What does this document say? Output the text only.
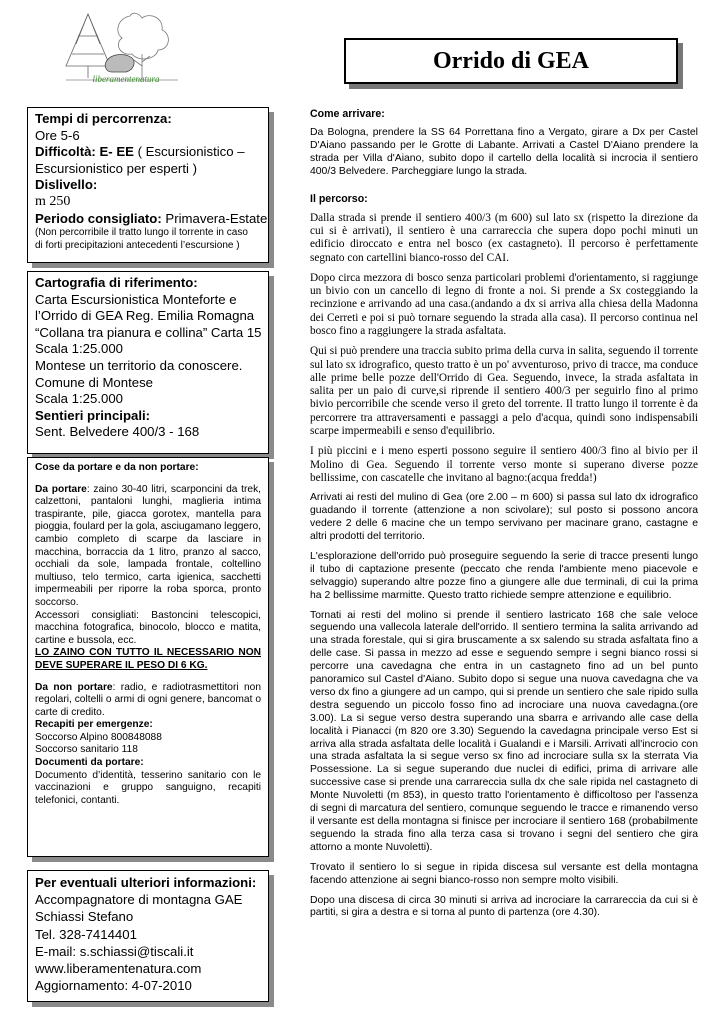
liberamentenatura
Orrido di GEA
Tempi di percorrenza:
Ore 5-6
Difficoltà: E- EE ( Escursionistico –
Escursionistico per esperti )
Dislivello:
m 250
Periodo consigliato: Primavera-Estate
(Non percorribile il tratto lungo il torrente in caso
di forti precipitazioni antecedenti l’escursione )
Cartografia di riferimento:
Carta Escursionistica Monteforte e
l’Orrido di GEA Reg. Emilia Romagna
“Collana tra pianura e collina” Carta 15
Scala 1:25.000
Montese un territorio da conoscere.
Comune di Montese
Scala 1:25.000
Sentieri principali:
Sent. Belvedere 400/3 - 168

Cose da portare e da non portare:

Da portare: zaino 30-40 litri, scarponcini da trek, calzettoni, pantaloni lunghi, maglieria intima traspirante, pile, giacca gorotex, mantella para pioggia, foulard per la gola, asciugamano leggero, cambio completo di scarpe da lasciare in macchina, borraccia da 1 litro, pranzo al sacco, occhiali da sole, lampada frontale, coltellino multiuso, telo termico, carta igienica, sacchetti impermeabili per riporre la roba sporca, pronto soccorso.

Accessori consigliati: Bastoncini telescopici, macchina fotografica, binocolo, blocco e matita, cartine e bussola, ecc.

LO ZAINO CON TUTTO IL NECESSARIO NON DEVE SUPERARE IL PESO DI 6 KG.

Da non portare: radio, e radiotrasmettitori non regolari, coltelli o armi di ogni genere, bancomat o carte di credito.

Recapiti per emergenze:

Soccorso Alpino 800848088

Soccorso sanitario 118

Documenti da portare:

Documento d’identità, tesserino sanitario con le vaccinazioni e gruppo sanguigno, recapiti telefonici, contanti.

Per eventuali ulteriori informazioni:
Accompagnatore di montagna GAE
Schiassi Stefano
Tel. 328-7414401
E-mail: s.schiassi@tiscali.it
www.liberamentenatura.com
Aggiornamento: 4-07-2010
Come arrivare:

Da Bologna, prendere la SS 64 Porrettana fino a Vergato, girare a Dx per Castel D'Aiano passando per le Grotte di Labante. Arrivati a Castel D'Aiano prendere la strada per Villa d'Aiano, subito dopo il cartello della località si incrocia il sentiero 400/3 Belvedere. Parcheggiare lungo la strada.

Il percorso:

Dalla strada si prende il sentiero 400/3 (m 600) sul lato sx (rispetto la direzione da cui si è arrivati), il sentiero è una carrareccia che supera dopo pochi minuti un edificio diroccato e entra nel bosco (ex castagneto). Il percorso è perfettamente segnato con cartellini bianco-rosso del CAI.

Dopo circa mezzora di bosco senza particolari problemi d'orientamento, si raggiunge un bivio con un cancello di legno di fronte a noi. Si prende a Sx costeggiando la recinzione e arrivando ad una casa.(andando a dx si arriva alla chiesa della Madonna dei Cerreti e poi si può tornare seguendo la strada alla casa). Il percorso continua nel bosco fino a raggiungere la strada asfaltata.

Qui si può prendere una traccia subito prima della curva in salita, seguendo il torrente sul lato sx idrografico, questo tratto è un po' avventuroso, privo di tracce, ma conduce alle prime belle pozze dell'Orrido di Gea. Seguendo, invece, la strada asfaltata in salita per un paio di curve,si riprende il sentiero 400/3 per seguirlo fino al primo bivio percorribile che scende verso il greto del torrente. Il tratto lungo il torrente è da percorrere tra attraversamenti e passaggi a pelo d'acqua, quindi sono indispensabili scarpe impermeabili e senso d'equilibrio.

I più piccini e i meno esperti possono seguire il sentiero 400/3 fino al bivio per il Molino di Gea. Seguendo il torrente verso monte si superano diverse pozze bellissime, con cascatelle che invitano al bagno:(acqua fredda!)

Arrivati ai resti del mulino di Gea (ore 2.00 – m 600) si passa sul lato dx idrografico guadando il torrente (attenzione a non scivolare); sul posto si possono ancora vedere 2 delle 6 macine che un tempo servivano per macinare grano, castagne e altri prodotti del territorio.

L'esplorazione dell'orrido può proseguire seguendo la serie di tracce presenti lungo il tubo di captazione presente (peccato che renda l'ambiente meno piacevole e selvaggio) superando altre pozze fino a giungere alle due terminali, di cui la prima ha 2 bellissime marmitte. Questo tratto richiede sempre attenzione e equilibrio.

Tornati ai resti del molino si prende il sentiero lastricato 168 che sale veloce seguendo una vallecola laterale dell'orrido. Il sentiero termina la salita arrivando ad una strada forestale, qui si gira bruscamente a sx salendo su strada asfaltata fino a delle case. Si passa in mezzo ad esse e seguendo sempre i segni bianco rossi si percorre una cavedagna che entra in un castagneto fino ad un bel punto panoramico sul Castel d'Aiano. Subito dopo si segue una nuova cavedagna che va verso dx fino a giungere ad un campo, qui si prende un sentiero che sale ripido sulla destra seguendo un piccolo fosso fino ad incrociare una nuova cavedagna.(ore 3.00). La si segue verso destra superando una sbarra e arrivando alle case della località i Pianacci (m 820 ore 3.30) Seguendo la cavedagna principale verso Est si arriva alla strada asfaltata delle località i Gualandi e i Marsili. Arrivati all'incrocio con una strada asfaltata la si segue verso sx fino ad incrociare sulla sx la sterrata Via Possessione. La si segue superando due nuclei di edifici, prima di arrivare alle successive case si prende una carrareccia sulla dx che sale ripida nel castagneto di Monte Nuvoletti (m 853), in questo tratto l'orientamento è difficoltoso per l'assenza di segni di marcatura del sentiero, comunque seguendo le tracce e rimanendo verso il versante est della montagna si finisce per incrociare il sentiero 168 (probabilmente seguendo la strada fino alla terza casa si trovano i segni del sentiero che gira attorno a monte Nuvoletti).

Trovato il sentiero lo si segue in ripida discesa sul versante est della montagna facendo attenzione ai segni bianco-rosso non sempre molto visibili.

Dopo una discesa di circa 30 minuti si arriva ad incrociare la carrareccia da cui si è partiti, si gira a destra e si torna al punto di partenza (ore 4.30).
